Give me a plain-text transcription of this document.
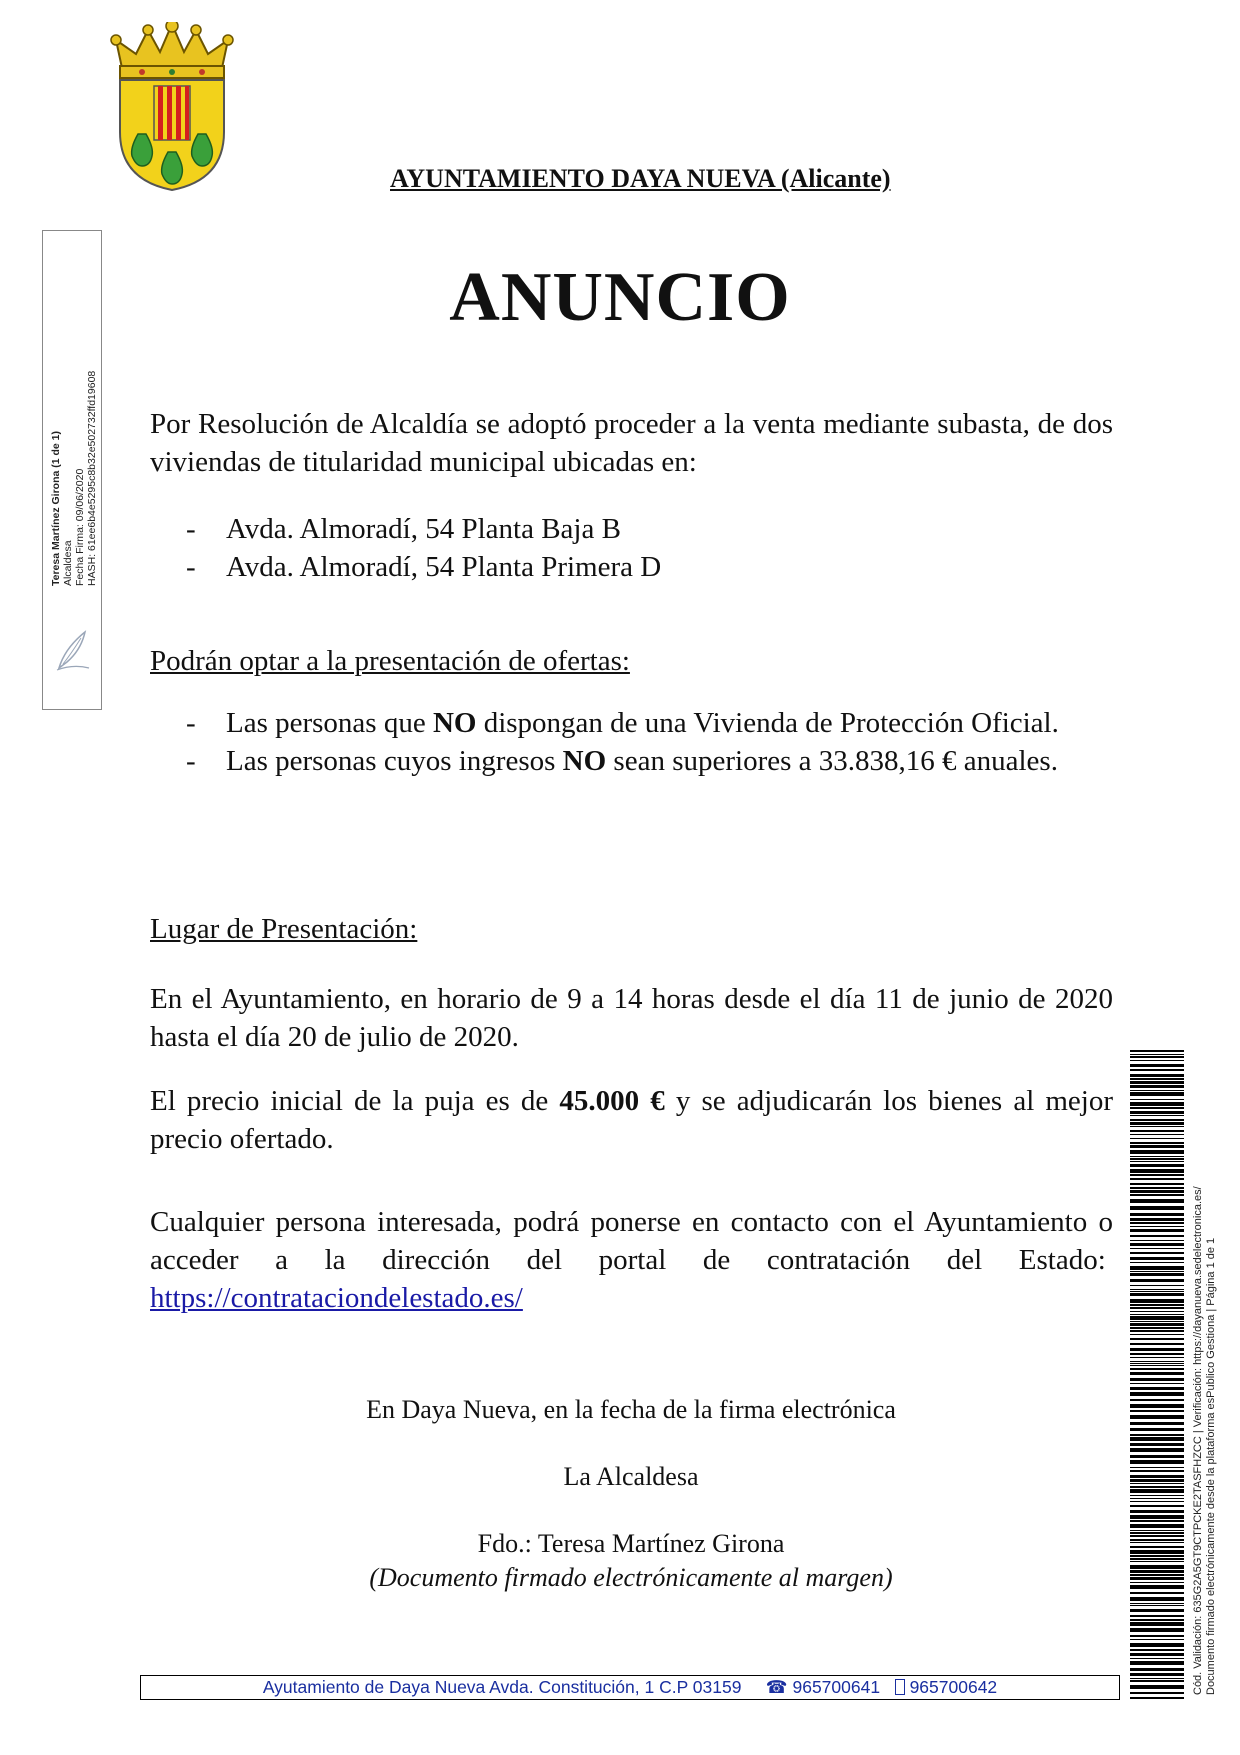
AYUNTAMIENTO DAYA NUEVA (Alicante)
ANUNCIO

Por Resolución de Alcaldía se adoptó proceder a la venta mediante subasta, de dos viviendas de titularidad municipal ubicadas en:

- Avda. Almoradí, 54 Planta Baja B
- Avda. Almoradí, 54 Planta Primera D

Podrán optar a la presentación de ofertas:

- Las personas que NO dispongan de una Vivienda de Protección Oficial.
- Las personas cuyos ingresos NO sean superiores a 33.838,16 € anuales.

Lugar de Presentación:

En el Ayuntamiento, en horario de 9 a 14 horas desde el día 11 de junio de 2020 hasta el día 20 de julio de 2020.

El precio inicial de la puja es de 45.000 € y se adjudicarán los bienes al mejor precio ofertado.

Cualquier persona interesada, podrá ponerse en contacto con el Ayuntamiento o acceder a la dirección del portal de contratación del Estado:  https://contrataciondelestado.es/

En Daya Nueva, en la fecha de la firma electrónica

La Alcaldesa

Fdo.: Teresa Martínez Girona

(Documento firmado electrónicamente al margen)

Teresa Martínez Girona (1 de 1) Alcaldesa Fecha Firma: 09/06/2020 HASH: 61ee6b4e5295c8b32e502732ffd19608
Cód. Validación: 635G2A5GT9CTPCKE2TASFHZCC | Verificación: https://dayanueva.sedelectronica.es/ Documento firmado electrónicamente desde la plataforma esPublico Gestiona | Página 1 de 1
Ayutamiento de Daya Nueva Avda. Constitución, 1 C.P 03159 ☎ 965700641 965700642
